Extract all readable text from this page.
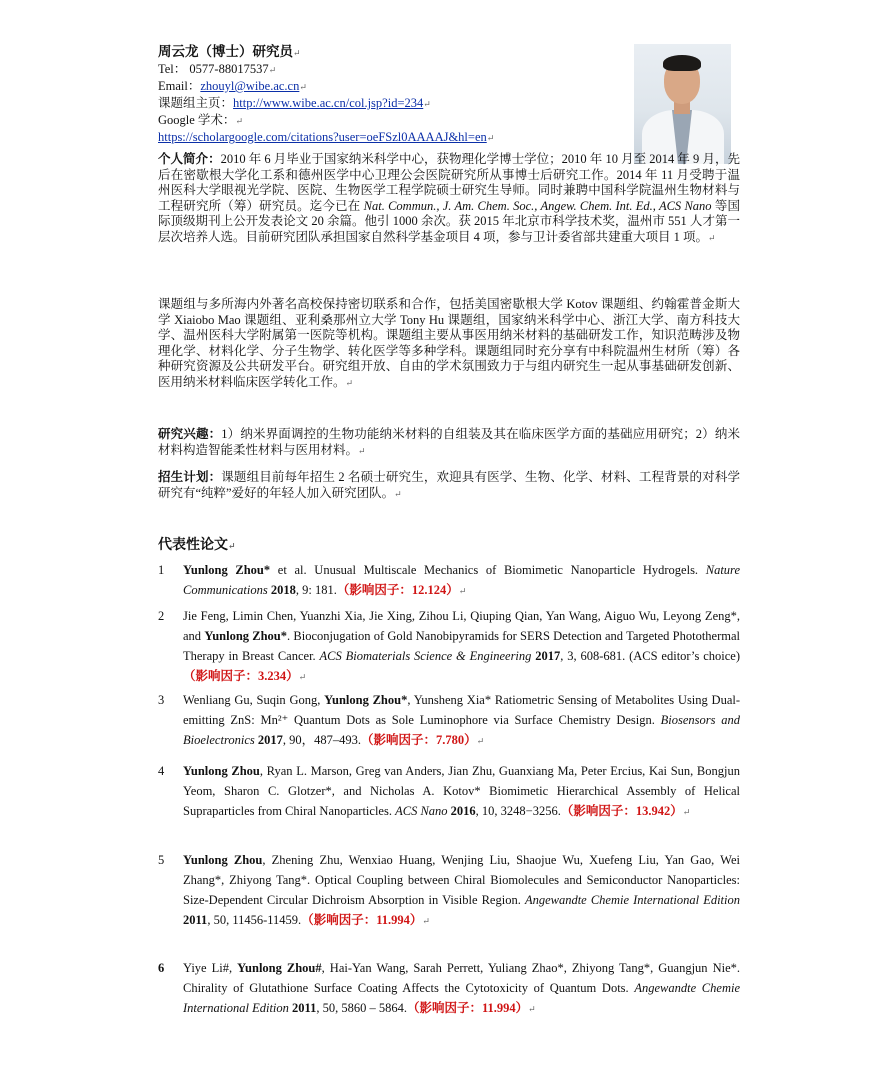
周云龙（博士）研究员↵
Tel： 0577-88017537↵
Email：zhouyl@wibe.ac.cn↵
课题组主页：http://www.wibe.ac.cn/col.jsp?id=234↵
Google 学术：↵
https://scholargoogle.com/citations?user=oeFSzl0AAAAJ&hl=en↵
个人简介：2010 年 6 月毕业于国家纳米科学中心，获物理化学博士学位；2010 年 10 月至 2014 年 9 月，先后在密歇根大学化工系和德州医学中心卫理公会医院研究所从事博士后研究工作。2014 年 11 月受聘于温州医科大学眼视光学院、医院、生物医学工程学院硕士研究生导师。同时兼聘中国科学院温州生物材料与工程研究所（筹）研究员。迄今已在 Nat. Commun., J. Am. Chem. Soc., Angew. Chem. Int. Ed., ACS Nano 等国际顶级期刊上公开发表论文 20 余篇。他引 1000 余次。获 2015 年北京市科学技术奖，温州市 551 人才第一层次培养人选。目前研究团队承担国家自然科学基金项目 4 项，参与卫计委省部共建重大项目 1 项。↵
课题组与多所海内外著名高校保持密切联系和合作，包括美国密歇根大学 Kotov 课题组、约翰霍普金斯大学 Xiaiobo Mao 课题组、亚利桑那州立大学 Tony Hu 课题组，国家纳米科学中心、浙江大学、南方科技大学、温州医科大学附属第一医院等机构。课题组主要从事医用纳米材料的基础研发工作，知识范畴涉及物理化学、材料化学、分子生物学、转化医学等多种学科。课题组同时充分享有中科院温州生材所（筹）各种研究资源及公共研发平台。研究组开放、自由的学术氛围致力于与组内研究生一起从事基础研发创新、医用纳米材料临床医学转化工作。↵
研究兴趣：1）纳米界面调控的生物功能纳米材料的自组装及其在临床医学方面的基础应用研究；2）纳米材料构造智能柔性材料与医用材料。↵
招生计划：课题组目前每年招生 2 名硕士研究生，欢迎具有医学、生物、化学、材料、工程背景的对科学研究有“纯粹”爱好的年轻人加入研究团队。↵
代表性论文↵
1	Yunlong Zhou* et al. Unusual Multiscale Mechanics of Biomimetic Nanoparticle Hydrogels. Nature Communications 2018, 9: 181.（影响因子：12.124）↵
2	Jie Feng, Limin Chen, Yuanzhi Xia, Jie Xing, Zihou Li, Qiuping Qian, Yan Wang, Aiguo Wu, Leyong Zeng*, and Yunlong Zhou*. Bioconjugation of Gold Nanobipyramids for SERS Detection and Targeted Photothermal Therapy in Breast Cancer. ACS Biomaterials Science & Engineering 2017, 3, 608-681. (ACS editor’s choice)（影响因子：3.234）↵
3	Wenliang Gu, Suqin Gong, Yunlong Zhou*, Yunsheng Xia* Ratiometric Sensing of Metabolites Using Dual-emitting ZnS: Mn²⁺ Quantum Dots as Sole Luminophore via Surface Chemistry Design. Biosensors and Bioelectronics 2017, 90，487–493.（影响因子：7.780）↵
4	Yunlong Zhou, Ryan L. Marson, Greg van Anders, Jian Zhu, Guanxiang Ma, Peter Ercius, Kai Sun, Bongjun Yeom, Sharon C. Glotzer*, and Nicholas A. Kotov* Biomimetic Hierarchical Assembly of Helical Supraparticles from Chiral Nanoparticles. ACS Nano 2016, 10, 3248−3256.（影响因子：13.942）↵
5	Yunlong Zhou, Zhening Zhu, Wenxiao Huang, Wenjing Liu, Shaojue Wu, Xuefeng Liu, Yan Gao, Wei Zhang*, Zhiyong Tang*. Optical Coupling between Chiral Biomolecules and Semiconductor Nanoparticles: Size-Dependent Circular Dichroism Absorption in Visible Region. Angewandte Chemie International Edition 2011, 50, 11456-11459.（影响因子：11.994）↵
6	Yiye Li#, Yunlong Zhou#, Hai-Yan Wang, Sarah Perrett, Yuliang Zhao*, Zhiyong Tang*, Guangjun Nie*. Chirality of Glutathione Surface Coating Affects the Cytotoxicity of Quantum Dots. Angewandte Chemie International Edition 2011, 50, 5860 – 5864.（影响因子：11.994）↵
